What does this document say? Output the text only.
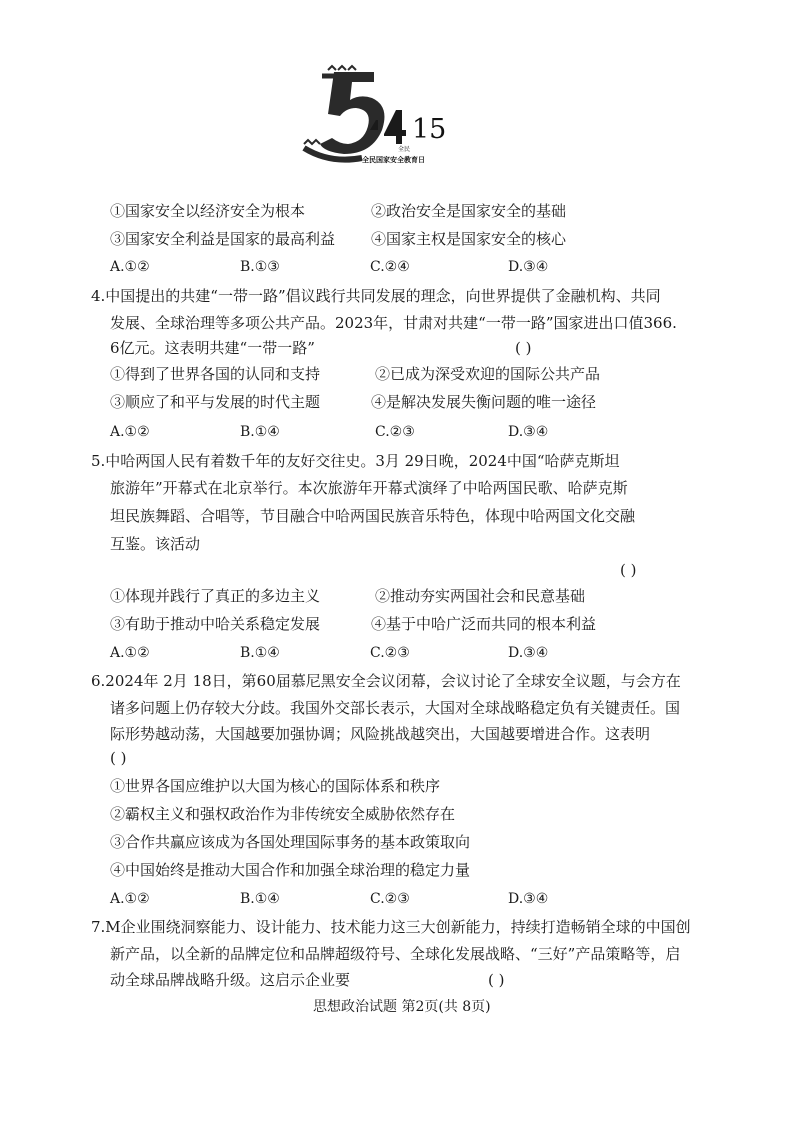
15
全民
全民国家安全教育日
①国家安全以经济安全为根本	②政治安全是国家安全的基础
③国家安全利益是国家的最高利益 ④国家主权是国家安全的核心
A.①②	B.①③	C.②④	D.③④
4.中国提出的共建“一带一路”倡议践行共同发展的理念，向世界提供了金融机构、共同
发展、全球治理等多项公共产品。2023年，甘肃对共建“一带一路”国家进出口值366.
6亿元。这表明共建“一带一路”	( )
①得到了世界各国的认同和支持	②已成为深受欢迎的国际公共产品
③顺应了和平与发展的时代主题	④是解决发展失衡问题的唯一途径
A.①②	B.①④	C.②③	D.③④
5.中哈两国人民有着数千年的友好交往史。3月 29日晚，2024中国“哈萨克斯坦
旅游年”开幕式在北京举行。本次旅游年开幕式演绎了中哈两国民歌、哈萨克斯
坦民族舞蹈、合唱等，节目融合中哈两国民族音乐特色，体现中哈两国文化交融
互鉴。该活动
( )
①体现并践行了真正的多边主义	②推动夯实两国社会和民意基础
③有助于推动中哈关系稳定发展	④基于中哈广泛而共同的根本利益
A.①②	B.①④	C.②③	D.③④
6.2024年 2月 18日，第60届慕尼黑安全会议闭幕，会议讨论了全球安全议题，与会方在
诸多问题上仍存较大分歧。我国外交部长表示，大国对全球战略稳定负有关键责任。国
际形势越动荡，大国越要加强协调；风险挑战越突出，大国越要增进合作。这表明
( )
①世界各国应维护以大国为核心的国际体系和秩序
②霸权主义和强权政治作为非传统安全威胁依然存在
③合作共赢应该成为各国处理国际事务的基本政策取向
④中国始终是推动大国合作和加强全球治理的稳定力量
A.①②	B.①④	C.②③	D.③④
7.M企业围绕洞察能力、设计能力、技术能力这三大创新能力，持续打造畅销全球的中国创
新产品，以全新的品牌定位和品牌超级符号、全球化发展战略、“三好”产品策略等，启
动全球品牌战略升级。这启示企业要	( )
思想政治试题 第2页(共 8页)
